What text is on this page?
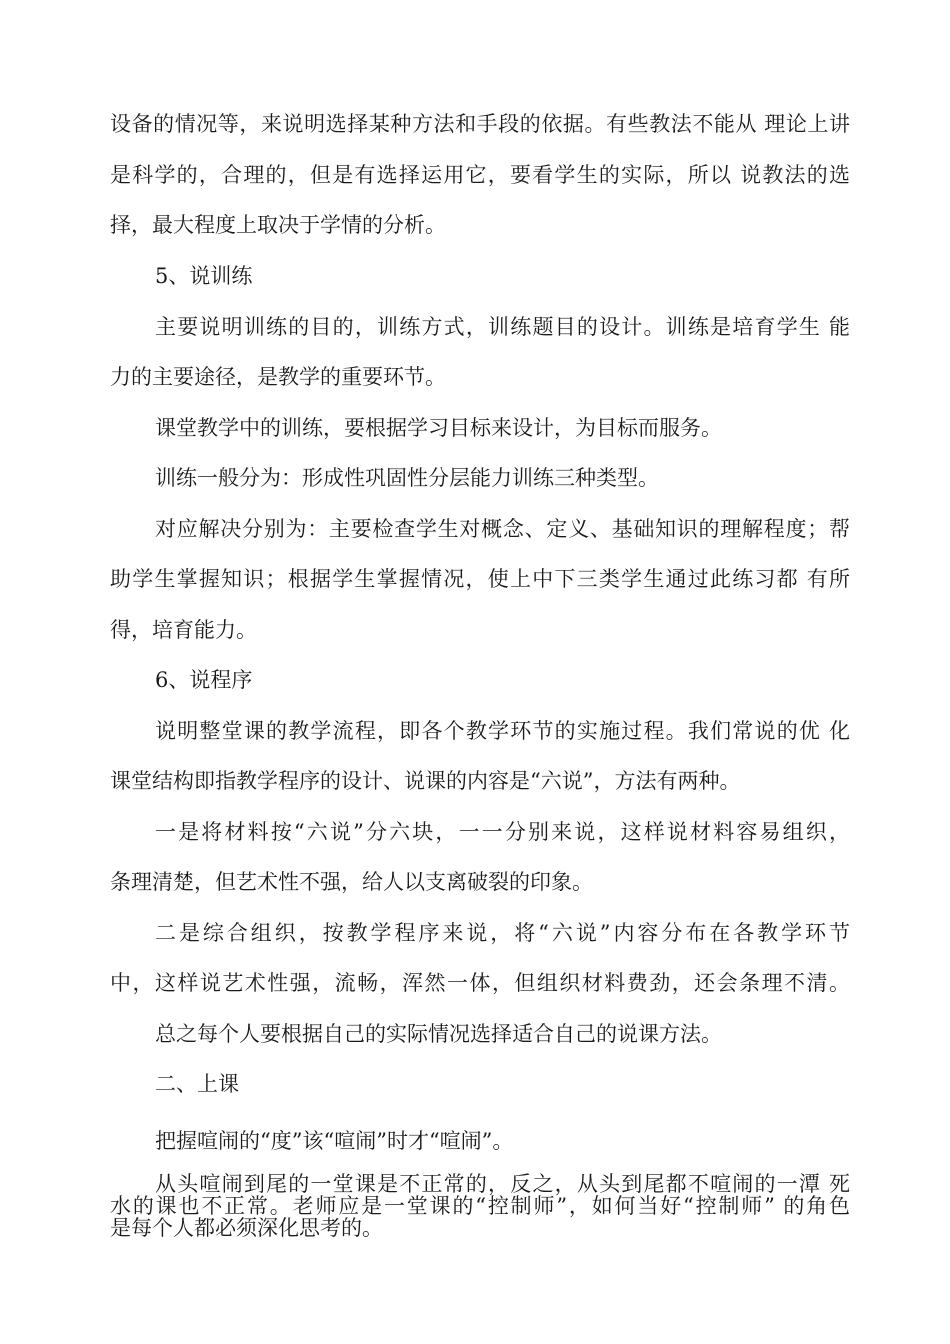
设备的情况等，来说明选择某种方法和手段的依据。有些教法不能从 理论上讲
是科学的，合理的，但是有选择运用它，要看学生的实际，所以 说教法的选
择，最大程度上取决于学情的分析。
5、说训练
主要说明训练的目的，训练方式，训练题目的设计。训练是培育学生 能
力的主要途径，是教学的重要环节。
课堂教学中的训练，要根据学习目标来设计，为目标而服务。
训练一般分为：形成性巩固性分层能力训练三种类型。
对应解决分别为：主要检查学生对概念、定义、基础知识的理解程度；帮
助学生掌握知识；根据学生掌握情况，使上中下三类学生通过此练习都 有所
得，培育能力。
6、说程序
说明整堂课的教学流程，即各个教学环节的实施过程。我们常说的优 化
课堂结构即指教学程序的设计、说课的内容是“六说”，方法有两种。
一是将材料按“六说”分六块，一一分别来说，这样说材料容易组织，
条理清楚，但艺术性不强，给人以支离破裂的印象。
二是综合组织，按教学程序来说，将“六说”内容分布在各教学环节
中，这样说艺术性强，流畅，浑然一体，但组织材料费劲，还会条理不清。
总之每个人要根据自己的实际情况选择适合自己的说课方法。
二、上课
把握喧闹的“度”该“喧闹”时才“喧闹”。
从头喧闹到尾的一堂课是不正常的，反之，从头到尾都不喧闹的一潭 死
水的课也不正常。老师应是一堂课的“控制师”，如何当好“控制师” 的角色
是每个人都必须深化思考的。
